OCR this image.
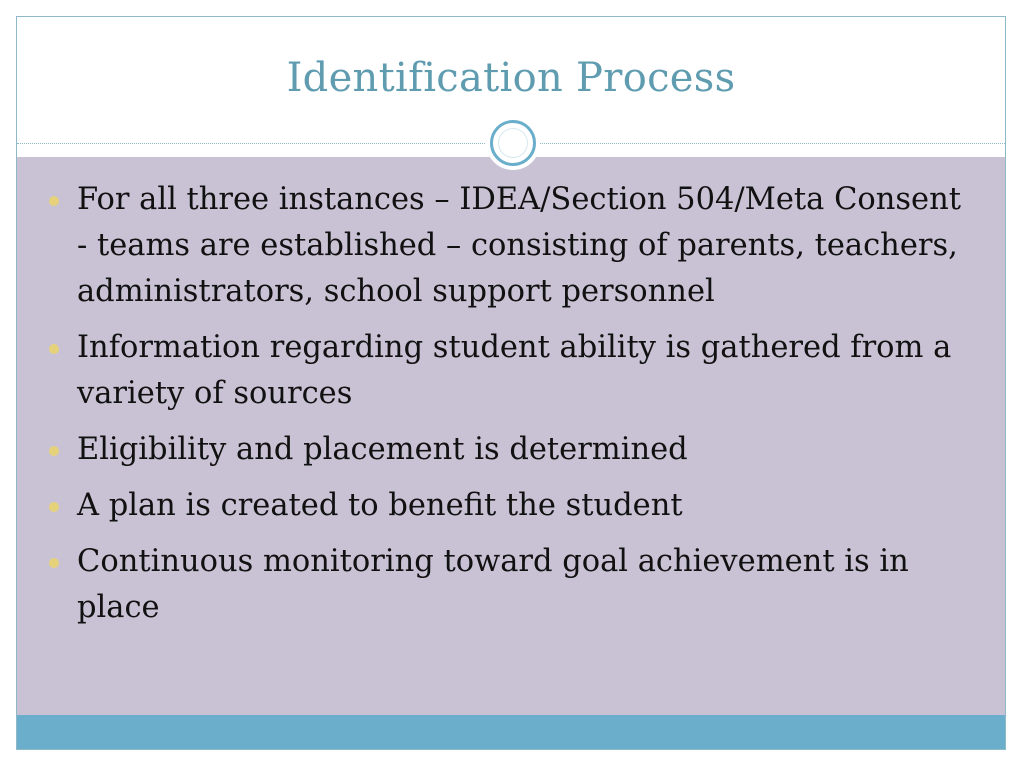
Identification Process
For all three instances – IDEA/Section 504/Meta Consent - teams are established – consisting of parents, teachers, administrators, school support personnel
Information regarding student ability is gathered from a variety of sources
Eligibility and placement is determined
A plan is created to benefit the student
Continuous monitoring toward goal achievement is in place
